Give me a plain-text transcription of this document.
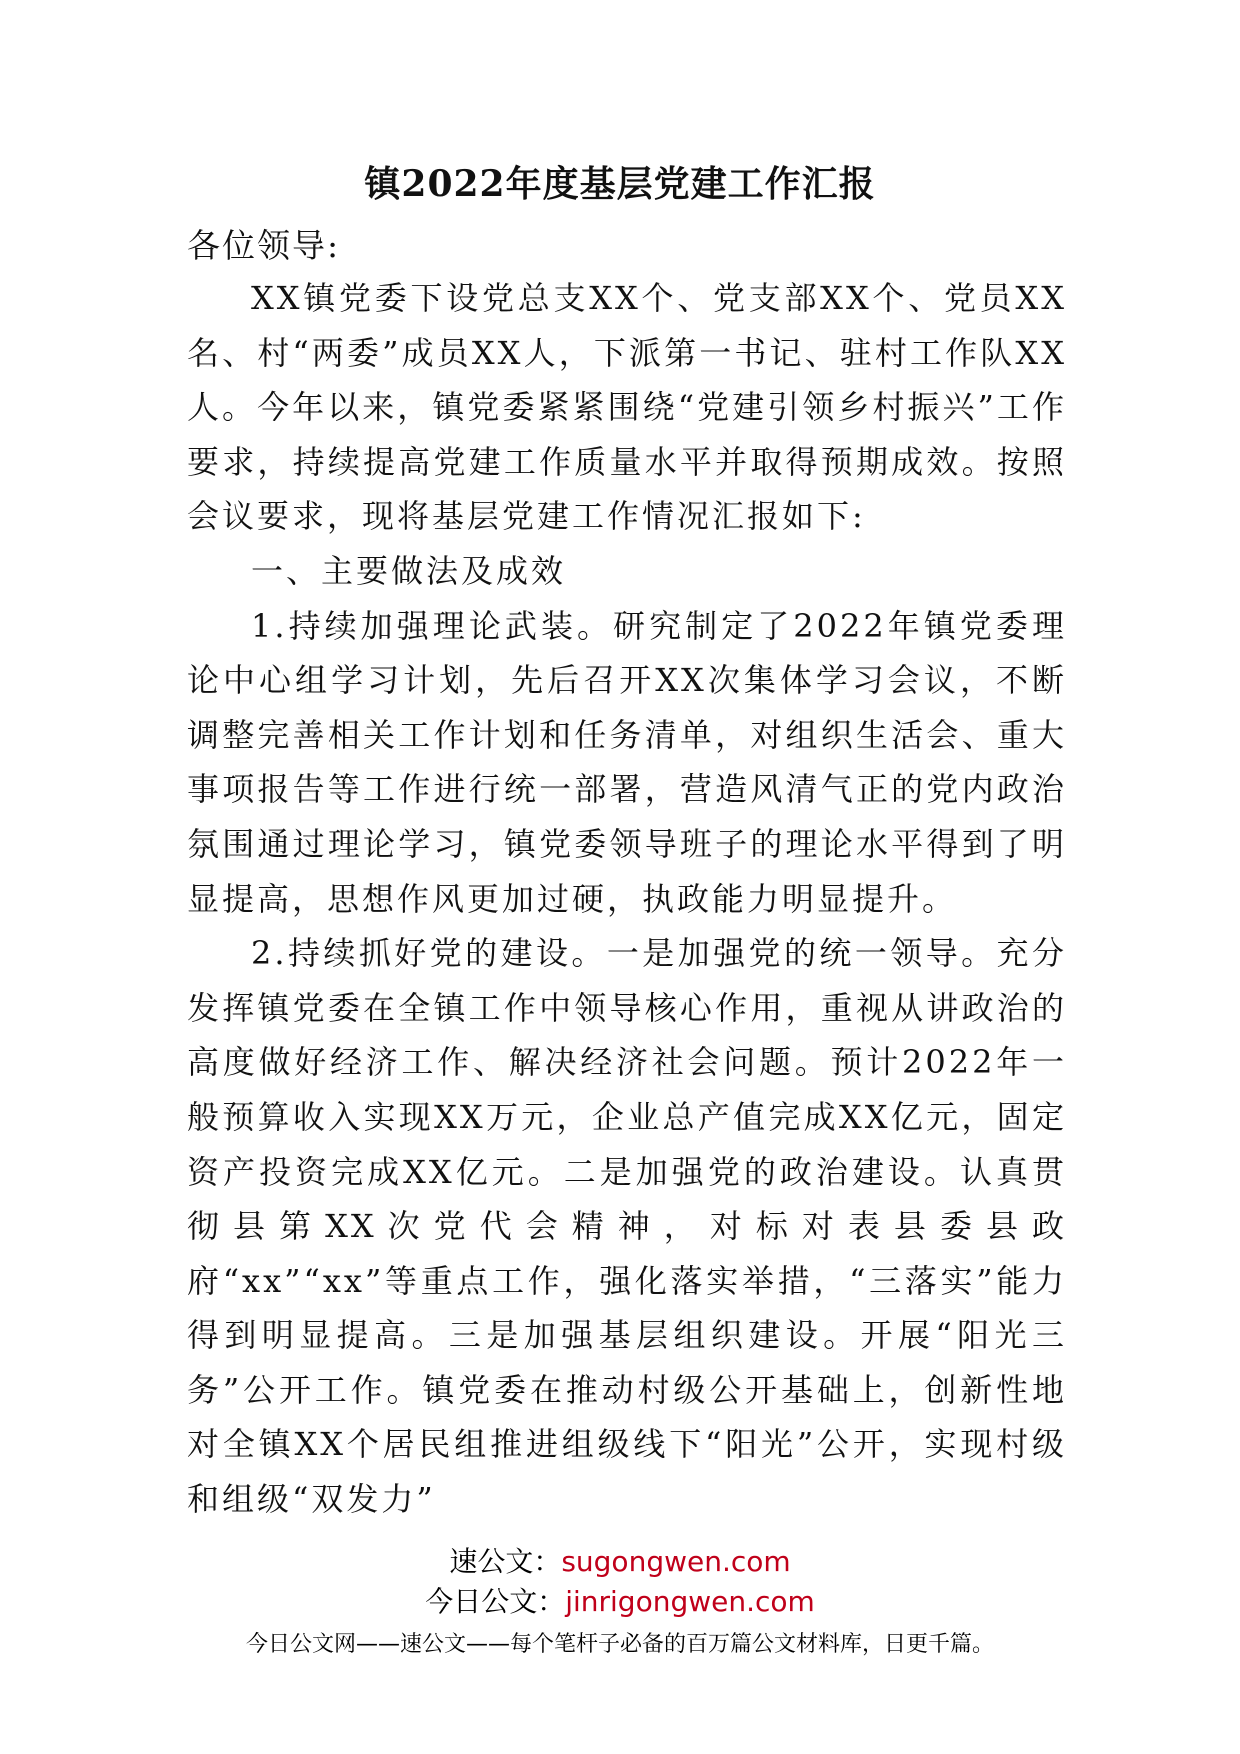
镇2022年度基层党建工作汇报
各位领导:

XX镇党委下设党总支XX个、党支部XX个、党员XX名、村“两委”成员XX人，下派第一书记、驻村工作队XX人。今年以来，镇党委紧紧围绕“党建引领乡村振兴”工作要求，持续提高党建工作质量水平并取得预期成效。按照会议要求，现将基层党建工作情况汇报如下:

一、主要做法及成效

1.持续加强理论武装。研究制定了2022年镇党委理论中心组学习计划，先后召开XX次集体学习会议，不断调整完善相关工作计划和任务清单，对组织生活会、重大事项报告等工作进行统一部署，营造风清气正的党内政治氛围通过理论学习，镇党委领导班子的理论水平得到了明显提高，思想作风更加过硬，执政能力明显提升。

2.持续抓好党的建设。一是加强党的统一领导。充分发挥镇党委在全镇工作中领导核心作用，重视从讲政治的高度做好经济工作、解决经济社会问题。预计2022年一般预算收入实现XX万元，企业总产值完成XX亿元，固定资产投资完成XX亿元。二是加强党的政治建设。认真贯彻县第XX次党代会精神，对标对表县委县政府“xx”“xx”等重点工作，强化落实举措，“三落实”能力得到明显提高。三是加强基层组织建设。开展“阳光三务”公开工作。镇党委在推动村级公开基础上，创新性地对全镇XX个居民组推进组级线下“阳光”公开，实现村级和组级“双发力”

速公文：sugongwen.com
今日公文：jinrigongwen.com
今日公文网——速公文——每个笔杆子必备的百万篇公文材料库，日更千篇。
